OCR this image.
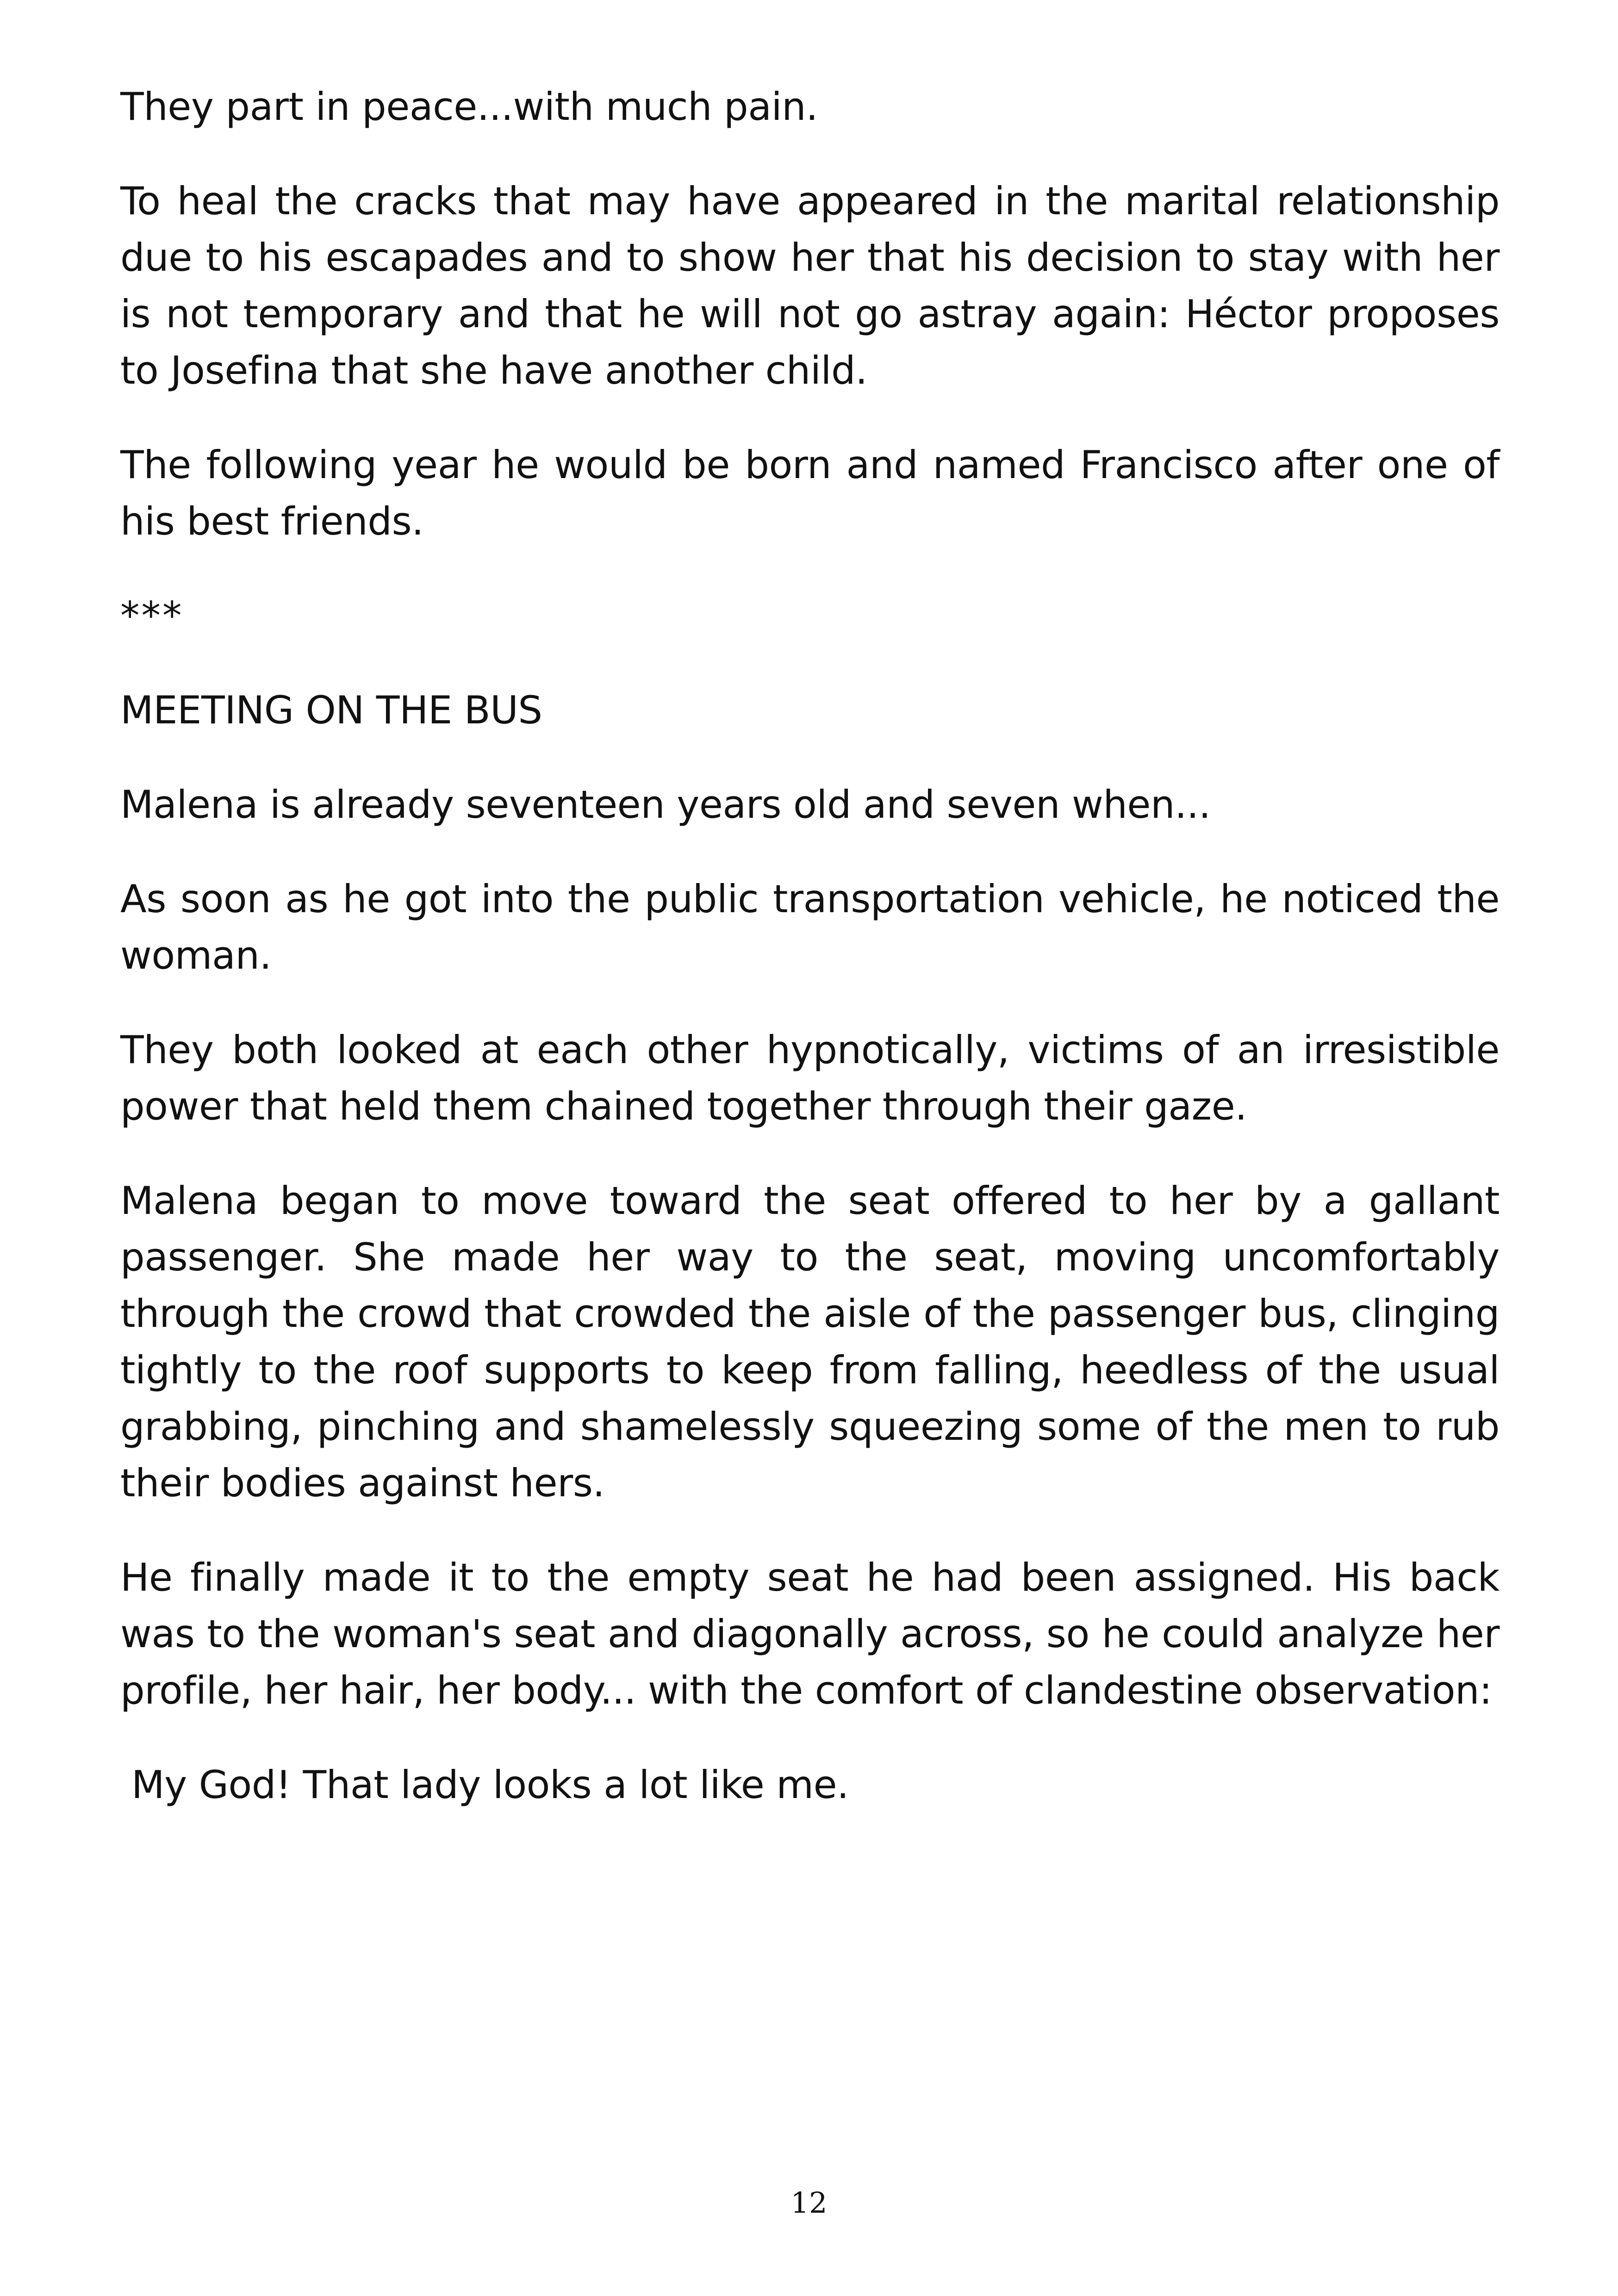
They part in peace...with much pain.

To heal the cracks that may have appeared in the marital relationship due to his escapades and to show her that his decision to stay with her is not temporary and that he will not go astray again: Héctor proposes to Josefina that she have another child.

The following year he would be born and named Francisco after one of his best friends.

***
MEETING ON THE BUS

Malena is already seventeen years old and seven when...

As soon as he got into the public transportation vehicle, he noticed the woman.

They both looked at each other hypnotically, victims of an irresistible power that held them chained together through their gaze.

Malena began to move toward the seat offered to her by a gallant passenger. She made her way to the seat, moving uncomfortably through the crowd that crowded the aisle of the passenger bus, clinging tightly to the roof supports to keep from falling, heedless of the usual grabbing, pinching and shamelessly squeezing some of the men to rub their bodies against hers.

He finally made it to the empty seat he had been assigned. His back was to the woman's seat and diagonally across, so he could analyze her profile, her hair, her body... with the comfort of clandestine observation:

My God! That lady looks a lot like me.

12
